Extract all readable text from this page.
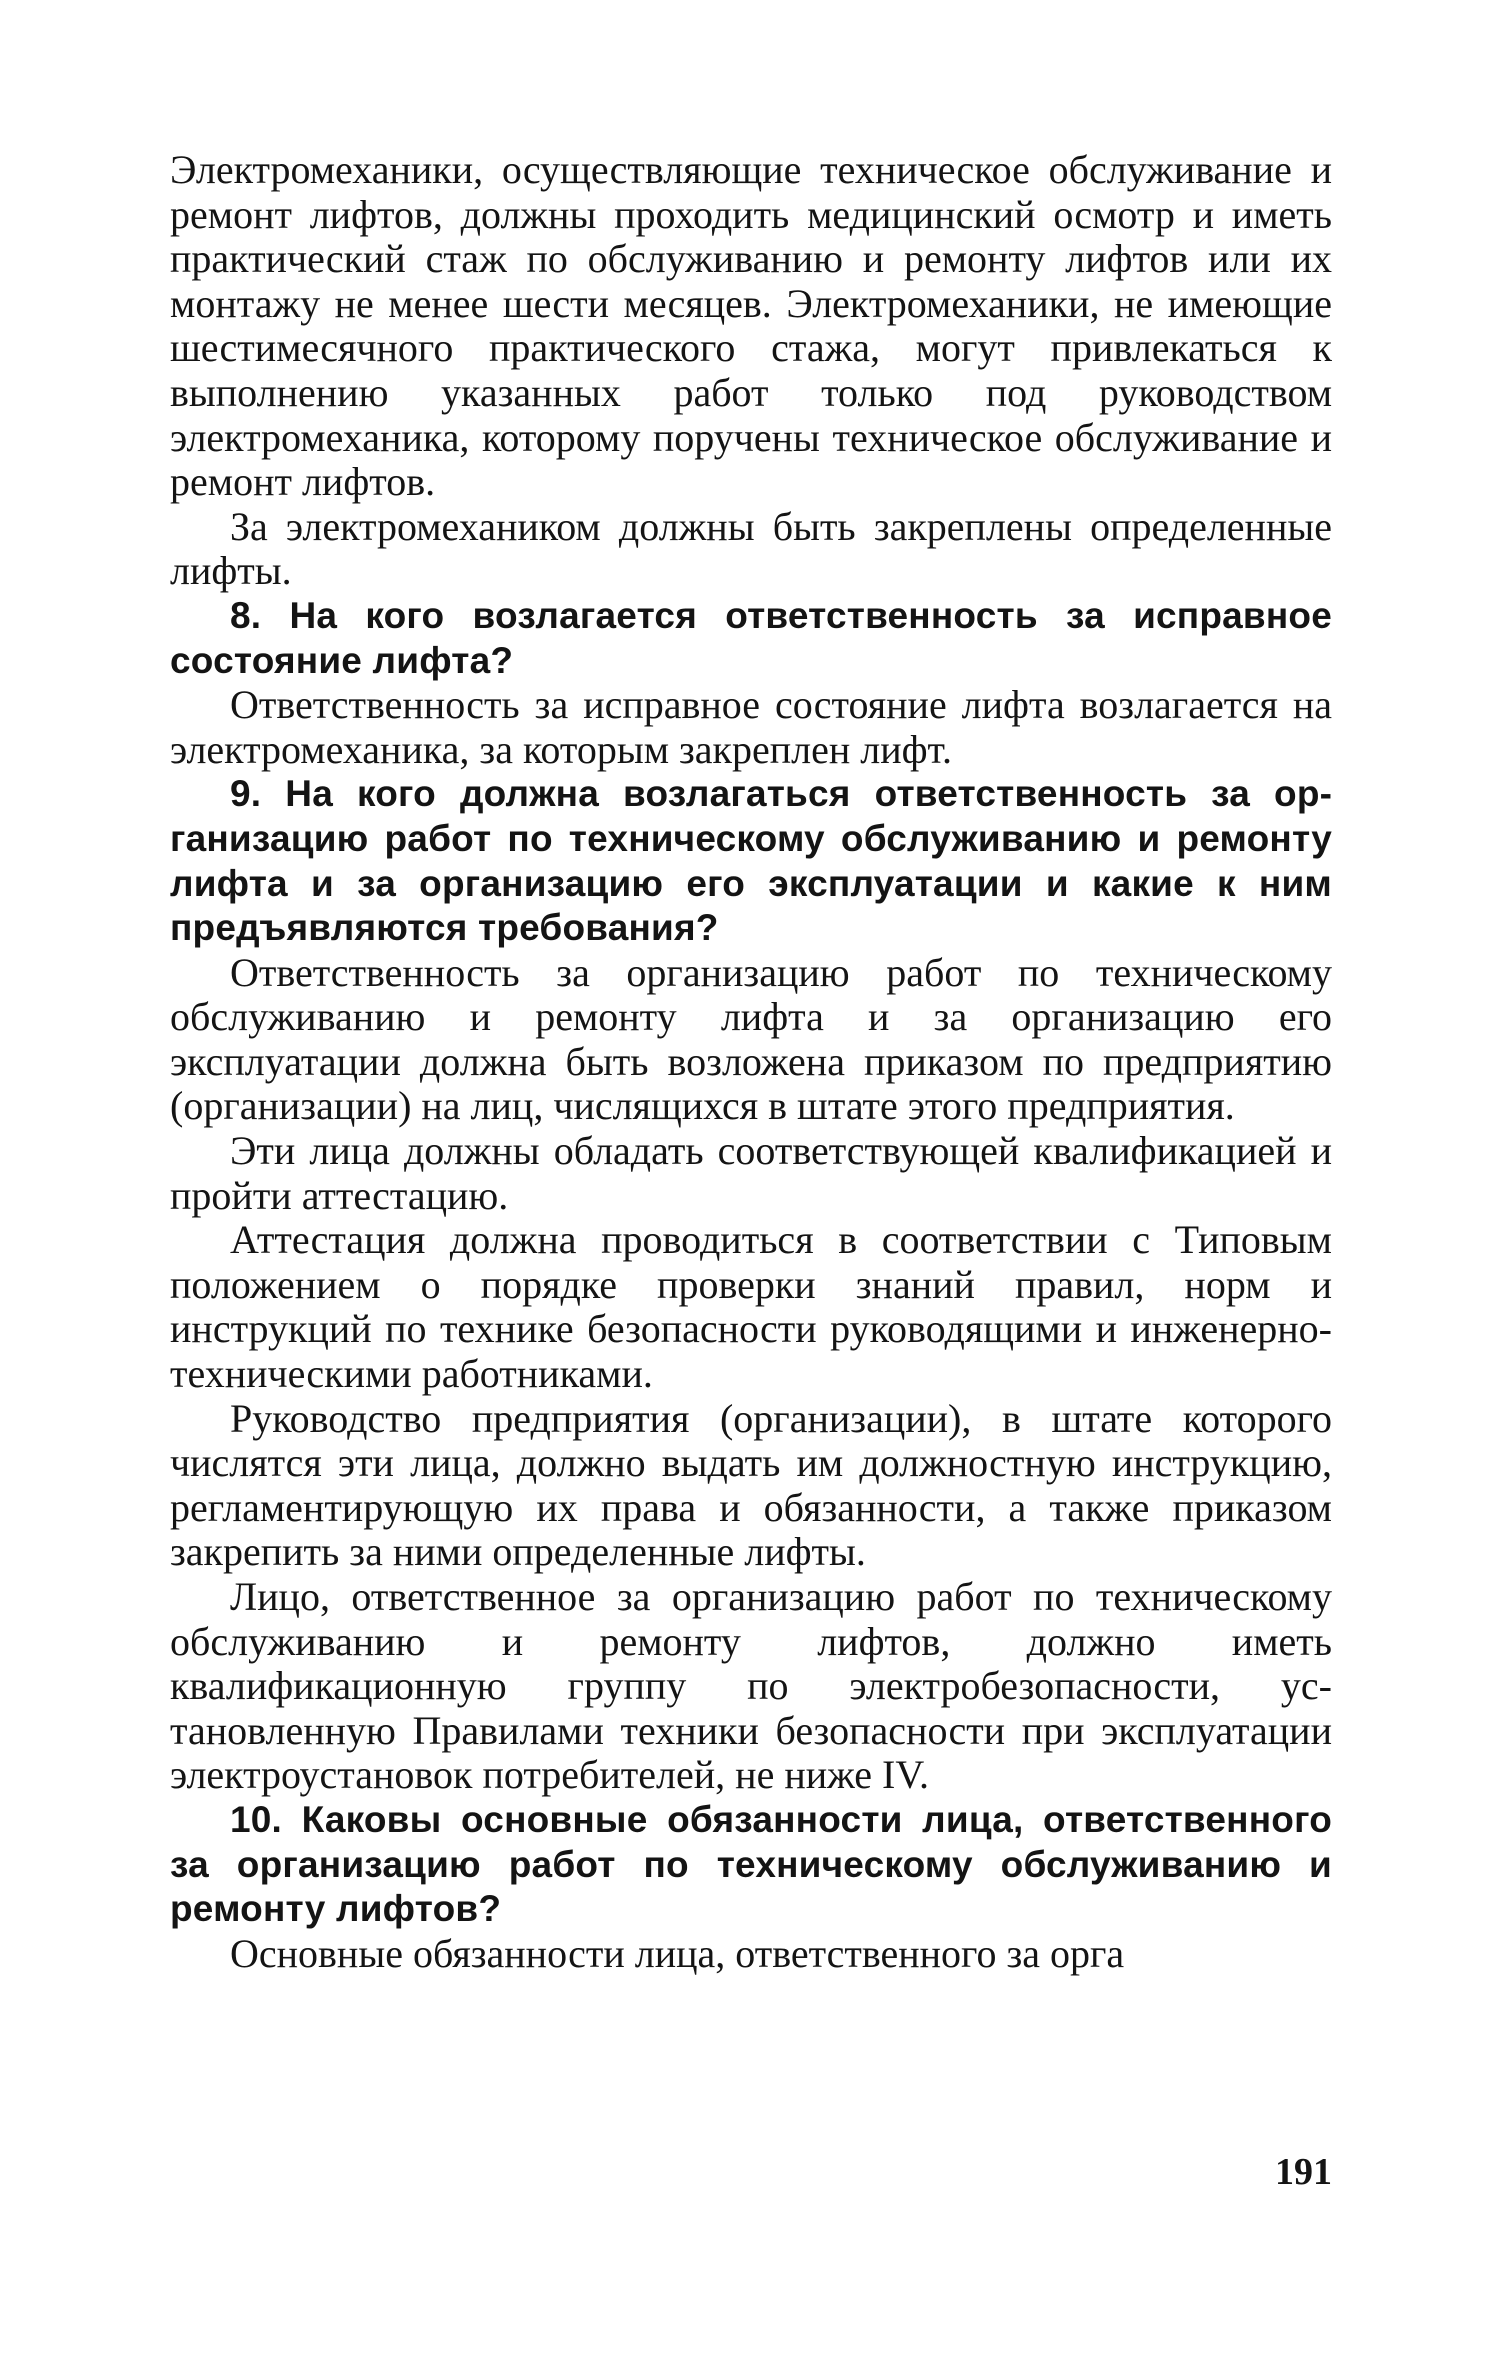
Электромеханики, осуществляющие техническое обслуживание и ремонт лифтов, должны проходить медицинский осмотр и иметь практический стаж по обслуживанию и ремонту лифтов или их монтажу не менее шести месяцев. Электромеханики, не имеющие шестимесячного практического стажа, могут привлекаться к выполнению указанных работ только под руководством электромеханика, которому поручены техническое обслуживание и ремонт лифтов.

За электромехаником должны быть закреплены определенные лифты.

8. На кого возлагается ответственность за исправное состояние лифта?

Ответственность за исправное состояние лифта возлагается на электромеханика, за которым закреплен лифт.

9. На кого должна возлагаться ответственность за организацию работ по техническому обслуживанию и ремонту лифта и за организацию его эксплуатации и какие к ним предъявляются требования?

Ответственность за организацию работ по техническому обслуживанию и ремонту лифта и за организацию его эксплуатации должна быть возложена приказом по предприятию (организации) на лиц, числящихся в штате этого предприятия.

Эти лица должны обладать соответствующей квалификацией и пройти аттестацию.

Аттестация должна проводиться в соответствии с Типовым положением о порядке проверки знаний правил, норм и инструкций по технике безопасности руководящими и инженерно-техническими работниками.

Руководство предприятия (организации), в штате которого числятся эти лица, должно выдать им должностную инструкцию, регламентирующую их права и обязанности, а также приказом закрепить за ними определенные лифты.

Лицо, ответственное за организацию работ по техническому обслуживанию и ремонту лифтов, должно иметь квалификационную группу по электробезопасности, установленную Правилами техники безопасности при эксплуатации электроустановок потребителей, не ниже IV.

10. Каковы основные обязанности лица, ответственного за организацию работ по техническому обслуживанию и ремонту лифтов?

Основные обязанности лица, ответственного за орга

191
